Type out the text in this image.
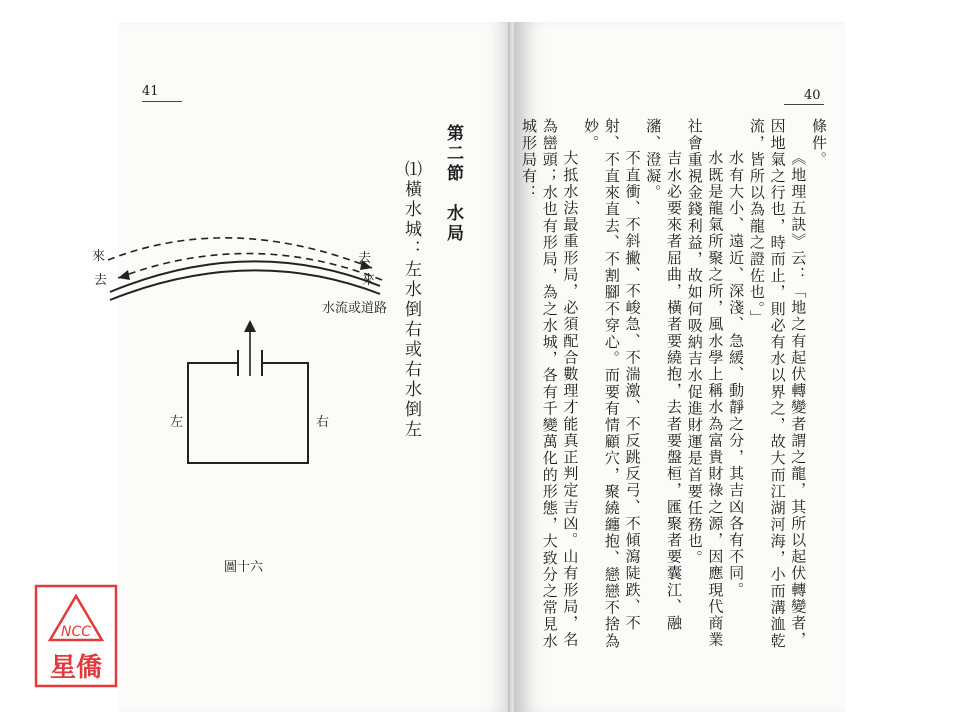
41
第二節　水局
⑴橫水城：左水倒右或右水倒左
來
去
去
來
水流或道路
左	右
圖十六
40
條件。
《地理五訣》云：「地之有起伏轉變者謂之龍，其所以起伏轉變者，
因地氣之行也，時而止，則必有水以界之，故大而江湖河海，小而溝洫乾
流，皆所以為龍之證佐也。」
水有大小、遠近、深淺、急緩、動靜之分，其吉凶各有不同。
水既是龍氣所聚之所，風水學上稱水為富貴財祿之源，因應現代商業
社會重視金錢利益，故如何吸納吉水促進財運是首要任務也。
吉水必要來者屈曲，橫者要繞抱，去者要盤桓，匯聚者要囊江、融
瀦、澄凝。
不直衝、不斜撇、不峻急、不湍激、不反跳反弓、不傾瀉陡跌、不
射、不直來直去、不割腳不穿心。而要有情顧穴，聚繞纏抱、戀戀不捨為
妙。
NCC
星僑
大抵水法最重形局，必須配合數理才能真正判定吉凶。山有形局，名
為巒頭；水也有形局，為之水城，各有千變萬化的形態，大致分之常見水
城形局有：
